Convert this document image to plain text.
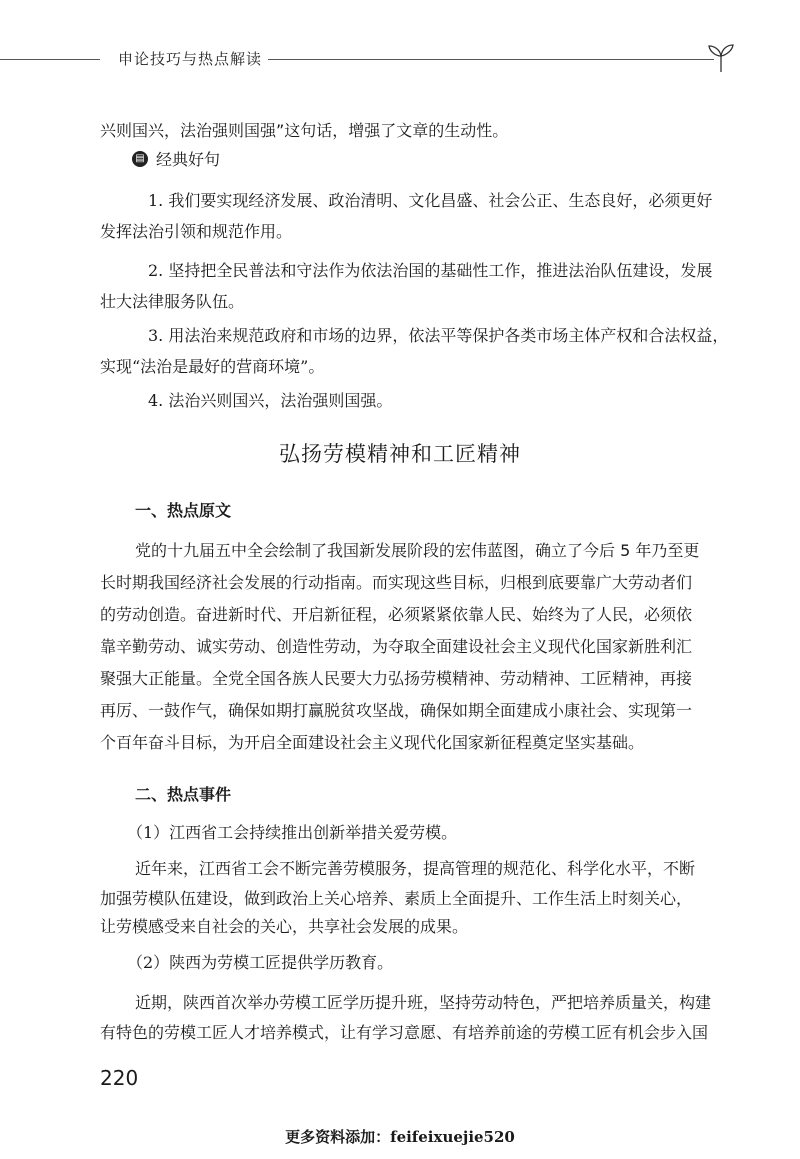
申论技巧与热点解读
兴则国兴，法治强则国强”这句话，增强了文章的生动性。
▤ 经典好句
1. 我们要实现经济发展、政治清明、文化昌盛、社会公正、生态良好，必须更好
发挥法治引领和规范作用。
2. 坚持把全民普法和守法作为依法治国的基础性工作，推进法治队伍建设，发展
壮大法律服务队伍。
3. 用法治来规范政府和市场的边界，依法平等保护各类市场主体产权和合法权益，
实现“法治是最好的营商环境”。
4. 法治兴则国兴，法治强则国强。
弘扬劳模精神和工匠精神
一、热点原文
党的十九届五中全会绘制了我国新发展阶段的宏伟蓝图，确立了今后 5 年乃至更
长时期我国经济社会发展的行动指南。而实现这些目标，归根到底要靠广大劳动者们
的劳动创造。奋进新时代、开启新征程，必须紧紧依靠人民、始终为了人民，必须依
靠辛勤劳动、诚实劳动、创造性劳动，为夺取全面建设社会主义现代化国家新胜利汇
聚强大正能量。全党全国各族人民要大力弘扬劳模精神、劳动精神、工匠精神，再接
再厉、一鼓作气，确保如期打赢脱贫攻坚战，确保如期全面建成小康社会、实现第一
个百年奋斗目标，为开启全面建设社会主义现代化国家新征程奠定坚实基础。
二、热点事件
（1）江西省工会持续推出创新举措关爱劳模。
近年来，江西省工会不断完善劳模服务，提高管理的规范化、科学化水平，不断
加强劳模队伍建设，做到政治上关心培养、素质上全面提升、工作生活上时刻关心，
让劳模感受来自社会的关心，共享社会发展的成果。
（2）陕西为劳模工匠提供学历教育。
近期，陕西首次举办劳模工匠学历提升班，坚持劳动特色，严把培养质量关，构建
有特色的劳模工匠人才培养模式，让有学习意愿、有培养前途的劳模工匠有机会步入国
220
更多资料添加：feifeixuejie520
